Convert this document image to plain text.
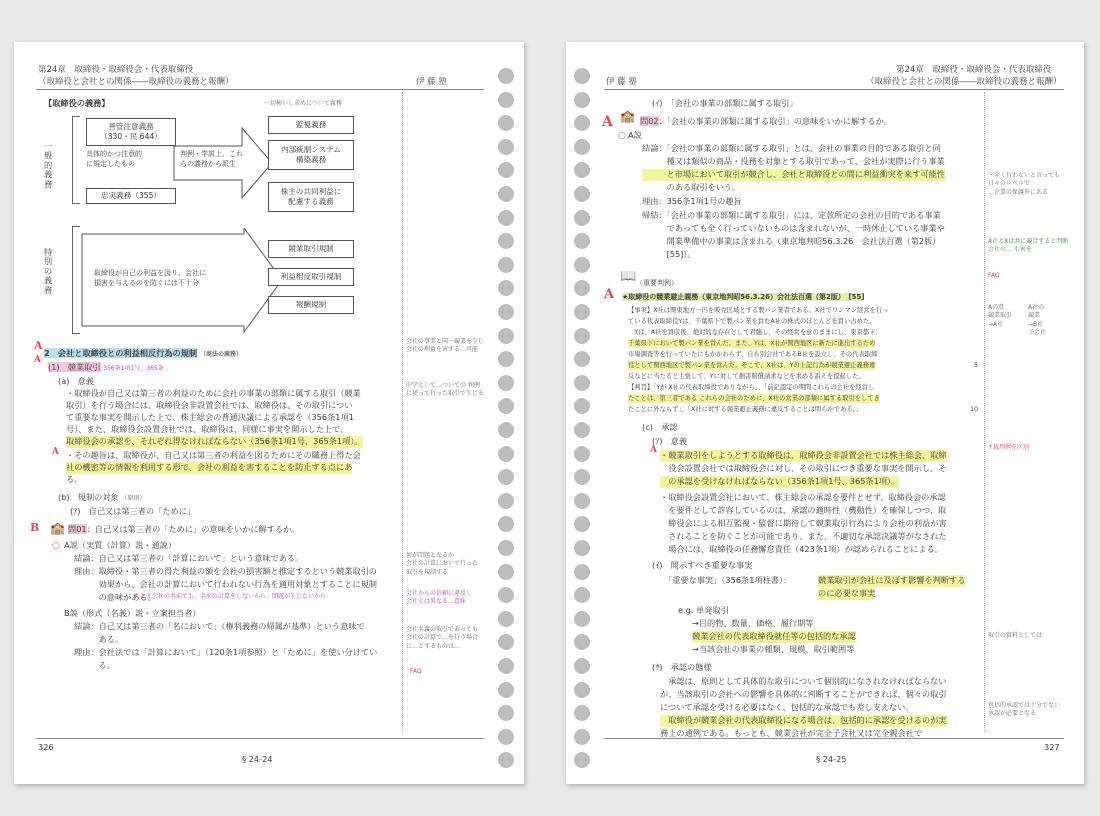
第24章　取締役・取締役会・代表取締役
（取締役と会社との関係――取締役の義務と報酬）	伊 藤 塾
【取締役の義務】
一般的義務
善管注意義務
（330・民 644）
具体的かつ注意的
に規定したもの
忠実義務（355）
判例・学説上、これ
らの義務から派生
一切検いし求めについて義務
監視義務
内部統制システム
構築義務
株主の共同利益に
配慮する義務
特別の義務
取締役が自己の利益を図り、会社に
損害を与えるのを防ぐには不十分
競業取引規制
利益相反取引規制
報酬規制
A
2　会社と取締役との利益相反行為の規制 （商法の義務）
A
(1)　競業取引 356条1項1号、365条
(a)　意義
・取締役が自己又は第三者の利益のために会社の事業の部類に属する取引（競業
取引）を行う場合には、取締役会非設置会社では、取締役は、その取引につい
て重要な事実を開示した上で、株主総会の普通決議による承認を（356条1項1
号）、また、取締役会設置会社では、取締役は、同様に事実を開示した上で、
取締役会の承認を、それぞれ得なければならない（356条1項1号、365条1項）。
A ・その趣旨は、取締役が、自己又は第三者の利益を図るためにその職務上得た会
社の機密等の情報を利用する形で、会社の利益を害することを防止する点にあ
る。
(b)　規制の対象 （原則）
(ｱ)　自己又は第三者の「ために」
B 🏫 問01：自己又は第三者の「ために」の意味をいかに解するか。
○ A説（実質（計算）説・通説）
結論：自己又は第三者の「計算において」という意味である。
理由：取締役・第三者の得た利益の額を会社の損害額と推定するという競業取引の
　　　効果から、会社の計算において行われない行為を適用対象とすることに規制
　　　の意味がある。
たとえ会社の名前でも、名前の計算をしないから、問題が生じないから
B説（形式（名義）説・立案担当者）
結論：自己又は第三者の「名において」（権利義務の帰属が基準）という意味で
　　　ある。
理由：会社法では「計算において」（120条1項参照）と「ために」を使い分けてい
　　　る。
会社の事業と同一競業を生じ
会社の利益を害する…可能
中学として…ついての 判例
に従って行った取引で生じる
何が問題となるか
会社の計算において行った
取引を規制する
会社からの信頼に違反し
会社とは異なる…意味
会社名義の取引であっても
会社の計算で…を行う場合
に…とするものは…
FAQ
326
§ 24-24
伊 藤 塾
第24章　取締役・取締役会・代表取締役
（取締役と会社との関係――取締役の義務と報酬）
(ｲ)　「会社の事業の部類に属する取引」
A 🏫 問02：「会社の事業の部類に属する取引」の意味をいかに解するか。
○ A説
結論：「会社の事業の部類に属する取引」とは、会社の事業の目的である取引と同
　　　種又は類似の商品・役務を対象とする取引であって、会社が実際に行う事業
　　　と市場において取引が競合し、会社と取締役との間に利益衝突を来す可能性
　　　のある取引をいう。
理由：356条1項1号の趣旨
帰結：「会社の事業の部類に属する取引」には、定款所定の会社の目的である事業
　　　であっても全く行っていないものは含まれないが、一時休止している事業や
　　　開業準備中の事業は含まれる（東京地判昭56.3.26　会社法百選（第2版）
　　　[55]）。
📖 （重要判例）
A ★取締役の競業避止義務（東京地判昭56.3.26）会社法百選（第2版）　[55]
【事実】X社は関東地方一円を販売区域とする製パン業者である。X社でワンマン経営を行っ
ている代表取締役Yは、千葉県下で製パン業を営むA社の株式のほとんどを買い占めた。
　Yは、A社を買収後、絶対的な存在として君臨し、その経営を意のままにし、東京都下、
千葉県下において製パン業を営んだ。また、Yは、X社が関西地区に新たに進出するため
市場調査等を行っていたにもかかわらず、自ら別会社であるB社を設立し、その代表取締
役として関西地区で製パン業を営んだ。そこで、X社は、Yの上記行為が競業避止義務違
反などに当たると主張して、Yに対して損害賠償請求などを求める訴えを提起した。
【判旨】「Yが X社の代表取締役でありながら」、「前記認定の期間これらの会社を経営し
たことは、第三者である これらの会社のために、X社の営業の部類に属する取引をしてき
たことに外ならず」、「X社に対する競業避止義務に違反することは明らかである。」
5
10
(c)　承認
(ｱ)　意義
A ・競業取引をしようとする取締役は、取締役会非設置会社では株主総会、取締
　役会設置会社では取締役会に対し、その取引につき重要な事実を開示し、そ
　の承認を受けなければならない（356条1項1号、365条1項）。
・取締役会設置会社において、株主総会の承認を要件とせず、取締役会の承認
　を要件として許容しているのは、承認の適時性（機動性）を確保しつつ、取
　締役会による相互監視・監督に期待して競業取引行為により会社の利益が害
　されることを防ぐことが可能であり、また、不適切な承認決議等がなされた
　場合には、取締役の任務懈怠責任（423条1項）が認められることによる。
(ｲ)　開示すべき重要な事実
「重要な事実」（356条1項柱書）：	競業取引が会社に及ぼす影響を判断する
のに必要な事実
e.g. 単発取引
→目的物、数量、価格、履行期等
競業会社の代表取締役就任等の包括的な承認
→当該会社の事業の種類、規模、取引範囲等
(ｳ)　承認の態様
　承認は、原則として具体的な取引について個別的になされなければならない
が、当該取引の会社への影響を具体的に判断することができれば、個々の取引
について承認を受ける必要はなく、包括的な承認でも差し支えない。
　取締役が競業会社の代表取締役になる場合は、包括的に承認を受けるのが実
務上の通例である。もっとも、競業会社が完全子会社又は完全親会社で
・全く行わないと言っても
日々のレベルで
…企業の保護外にある
A社とXは共に競合すると判断
会社の… も害を
FAQ
Aの意
競業取引
→A社
A社の
競業
→B社
子会社
↑裁判例を区別
取引の資料としては
包括的承認では十分でない
承認が必要となる
327
§ 24-25
